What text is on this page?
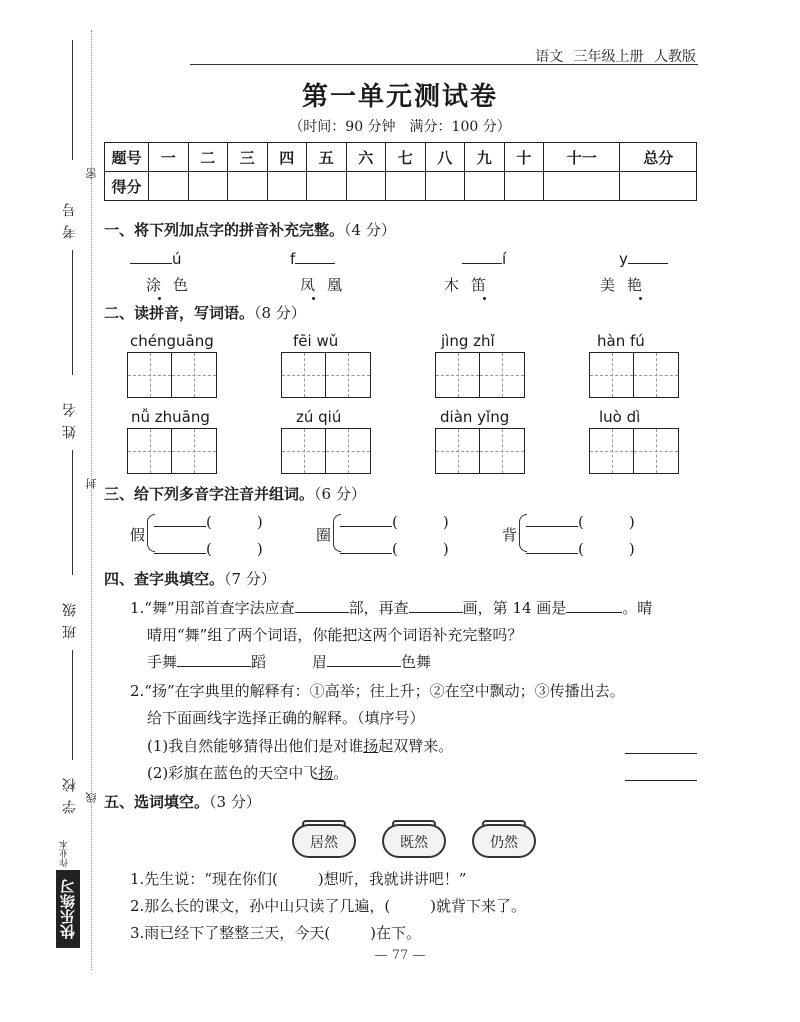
考号
姓名
班级
学校
密
封
线
作业本
快乐练习
语文 三年级上册 人教版
第一单元测试卷
（时间：90 分钟　满分：100 分）
题号	一	二	三	四	五	六	七	八	九	十	十一	总分
得分												
一、将下列加点字的拼音补充完整。（4 分）
ú
涂色
f
凤凰
í
木笛
y
美艳
二、读拼音，写词语。（8 分）
chénguāng	fēi wǔ	jìng zhǐ	hàn fú
nǚ zhuāng	zú qiú	diàn yǐng	luò dì
三、给下列多音字注音并组词。（6 分）
假
(　　　)
(　　　)
圈
(　　　)
(　　　)
背
(　　　)
(　　　)
四、查字典填空。（7 分）
1.“舞”用部首查字法应查	部，再查	画，第 14 画是	。晴
晴用“舞”组了两个词语，你能把这两个词语补充完整吗？
手舞	蹈	眉	色舞
2.“扬”在字典里的解释有：①高举；往上升；②在空中飘动；③传播出去。
给下面画线字选择正确的解释。（填序号）
(1)我自然能够猜得出他们是对谁扬起双臂来。
(2)彩旗在蓝色的天空中飞扬。
五、选词填空。（3 分）
居然	既然	仍然
1.先生说：“现在你们(	)想听，我就讲讲吧！”
2.那么长的课文，孙中山只读了几遍，(	)就背下来了。
3.雨已经下了整整三天，今天(	)在下。
— 77 —
